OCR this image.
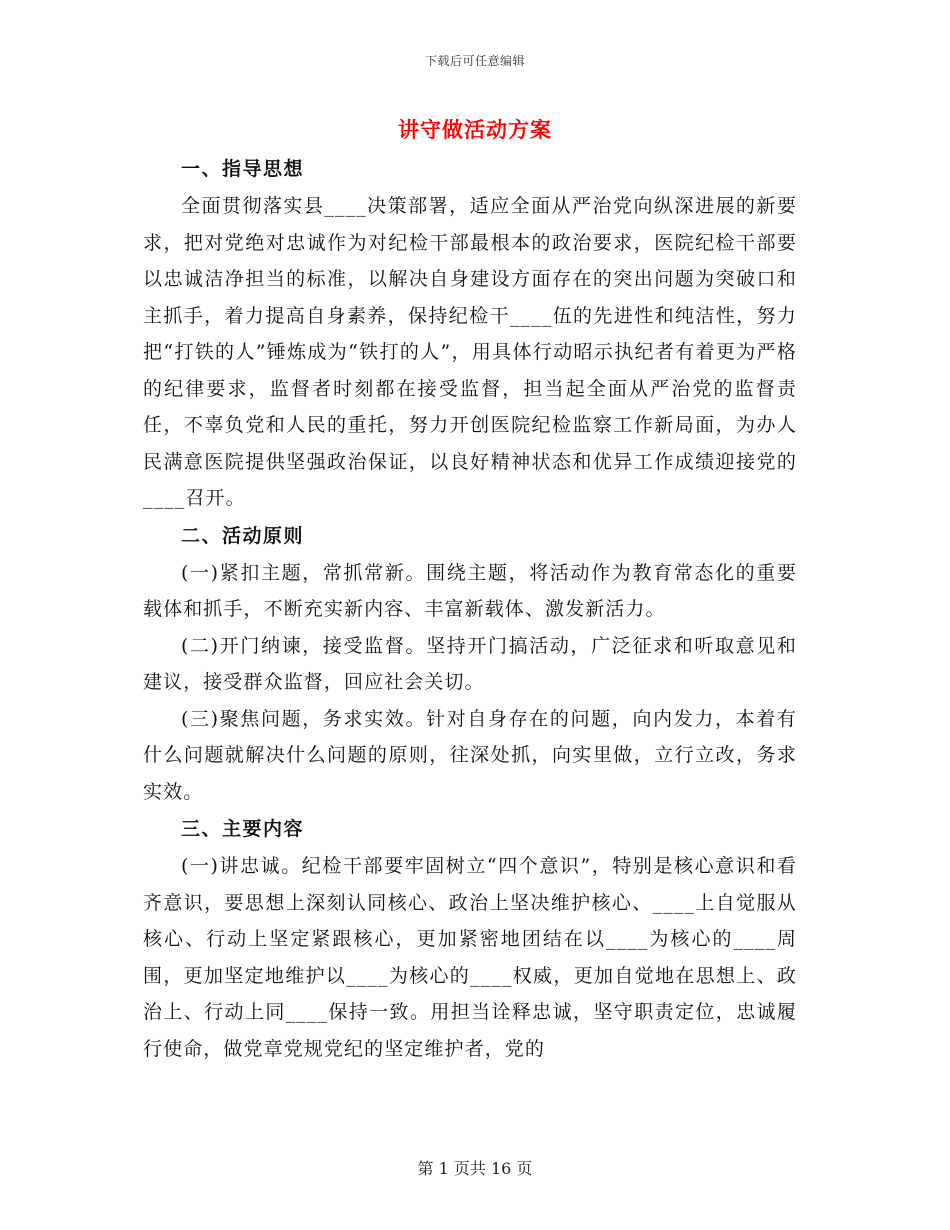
下载后可任意编辑
讲守做活动方案
一、指导思想

全面贯彻落实县____决策部署，适应全面从严治党向纵深进展的新要求，把对党绝对忠诚作为对纪检干部最根本的政治要求，医院纪检干部要以忠诚洁净担当的标准，以解决自身建设方面存在的突出问题为突破口和主抓手，着力提高自身素养，保持纪检干____伍的先进性和纯洁性，努力把“打铁的人”锤炼成为“铁打的人”，用具体行动昭示执纪者有着更为严格的纪律要求，监督者时刻都在接受监督，担当起全面从严治党的监督责任，不辜负党和人民的重托，努力开创医院纪检监察工作新局面，为办人民满意医院提供坚强政治保证，以良好精神状态和优异工作成绩迎接党的____召开。

二、活动原则

(一)紧扣主题，常抓常新。围绕主题，将活动作为教育常态化的重要载体和抓手，不断充实新内容、丰富新载体、激发新活力。

(二)开门纳谏，接受监督。坚持开门搞活动，广泛征求和听取意见和建议，接受群众监督，回应社会关切。

(三)聚焦问题，务求实效。针对自身存在的问题，向内发力，本着有什么问题就解决什么问题的原则，往深处抓，向实里做，立行立改，务求实效。

三、主要内容

(一)讲忠诚。纪检干部要牢固树立“四个意识”，特别是核心意识和看齐意识，要思想上深刻认同核心、政治上坚决维护核心、____上自觉服从核心、行动上坚定紧跟核心，更加紧密地团结在以____为核心的____周围，更加坚定地维护以____为核心的____权威，更加自觉地在思想上、政治上、行动上同____保持一致。用担当诠释忠诚，坚守职责定位，忠诚履行使命，做党章党规党纪的坚定维护者，党的

第 1 页共 16 页
